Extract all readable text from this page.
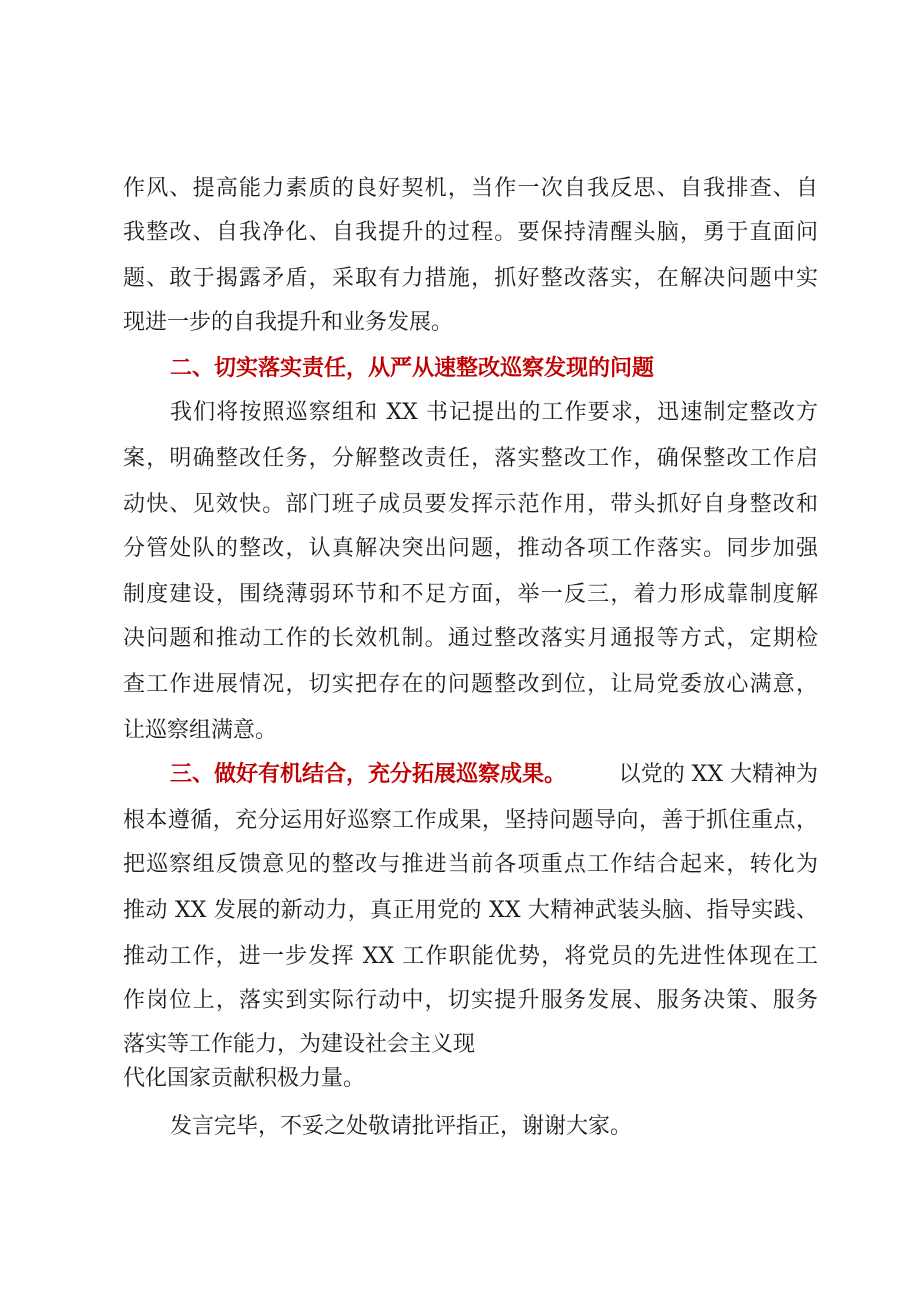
作风、提高能力素质的良好契机，当作一次自我反思、自我排查、自

我整改、自我净化、自我提升的过程。要保持清醒头脑，勇于直面问

题、敢于揭露矛盾，采取有力措施，抓好整改落实，在解决问题中实

现进一步的自我提升和业务发展。

二、切实落实责任，从严从速整改巡察发现的问题

我们将按照巡察组和 XX 书记提出的工作要求，迅速制定整改方

案，明确整改任务，分解整改责任，落实整改工作，确保整改工作启

动快、见效快。部门班子成员要发挥示范作用，带头抓好自身整改和

分管处队的整改，认真解决突出问题，推动各项工作落实。同步加强

制度建设，围绕薄弱环节和不足方面，举一反三，着力形成靠制度解

决问题和推动工作的长效机制。通过整改落实月通报等方式，定期检

查工作进展情况，切实把存在的问题整改到位，让局党委放心满意，

让巡察组满意。

三、做好有机结合，充分拓展巡察成果。 以党的 XX 大精神为

根本遵循，充分运用好巡察工作成果，坚持问题导向，善于抓住重点，

把巡察组反馈意见的整改与推进当前各项重点工作结合起来，转化为

推动 XX 发展的新动力，真正用党的 XX 大精神武装头脑、指导实践、

推动工作，进一步发挥 XX 工作职能优势，将党员的先进性体现在工

作岗位上，落实到实际行动中，切实提升服务发展、服务决策、服务

落实等工作能力，为建设社会主义现

代化国家贡献积极力量。

发言完毕，不妥之处敬请批评指正，谢谢大家。
